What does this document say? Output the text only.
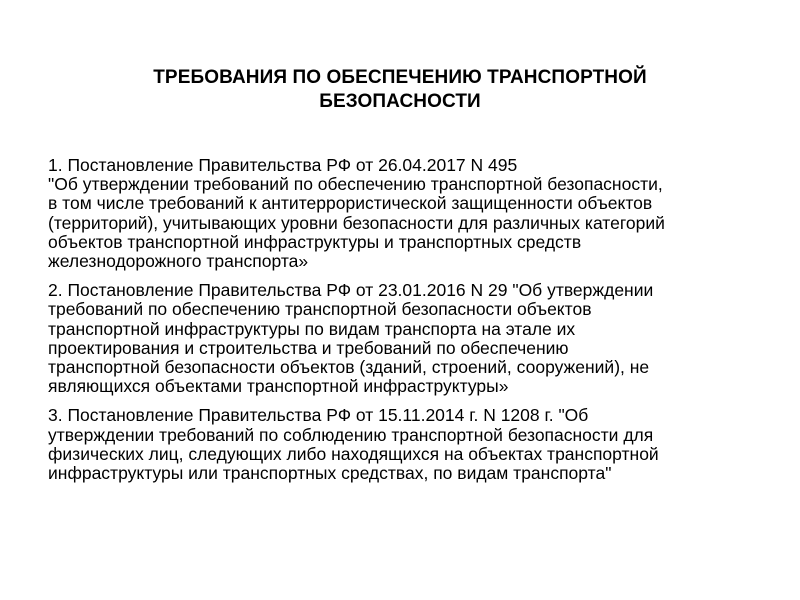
ТРЕБОВАНИЯ ПО ОБЕСПЕЧЕНИЮ ТРАНСПОРТНОЙ
БЕЗОПАСНОСТИ
1. Постановление Правительства РФ от 26.04.2017 N 495
"Об утверждении требований по обеспечению транспортной безопасности,
в том числе требований к антитеррористической защищенности объектов
(территорий), учитывающих уровни безопасности для различных категорий
объектов транспортной инфраструктуры и транспортных средств
железнодорожного транспорта»
2. Постановление Правительства РФ от 23.01.2016 N 29 "Об утверждении
требований по обеспечению транспортной безопасности объектов
транспортной инфраструктуры по видам транспорта на этале их
проектирования и строительства и требований по обеспечению
транспортной безопасности объектов (зданий, строений, сооружений), не
являющихся объектами транспортной инфраструктуры»
3. Постановление Правительства РФ от 15.11.2014 г. N 1208 г. "Об
утверждении требований по соблюдению транспортной безопасности для
физических лиц, следующих либо находящихся на объектах транспортной
инфраструктуры или транспортных средствах, по видам транспорта"
